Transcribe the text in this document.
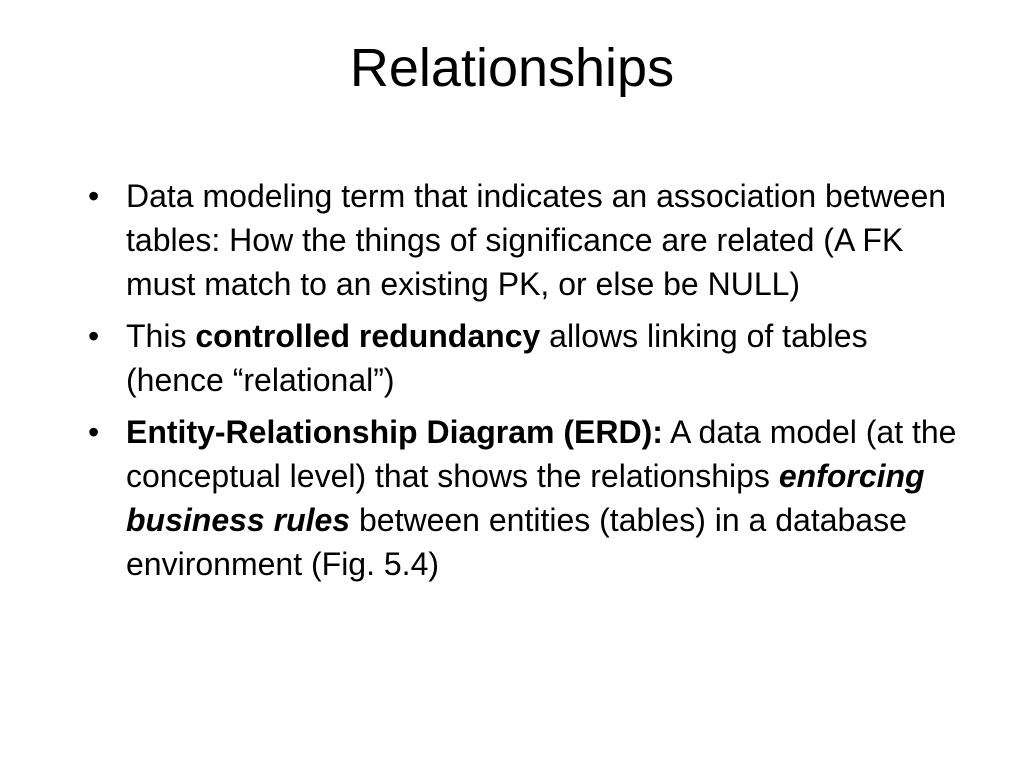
Relationships
• Data modeling term that indicates an association between tables: How the things of significance are related (A FK must match to an existing PK, or else be NULL)
• This controlled redundancy allows linking of tables (hence “relational”)
• Entity-Relationship Diagram (ERD): A data model (at the conceptual level) that shows the relationships enforcing business rules between entities (tables) in a database environment (Fig. 5.4)
